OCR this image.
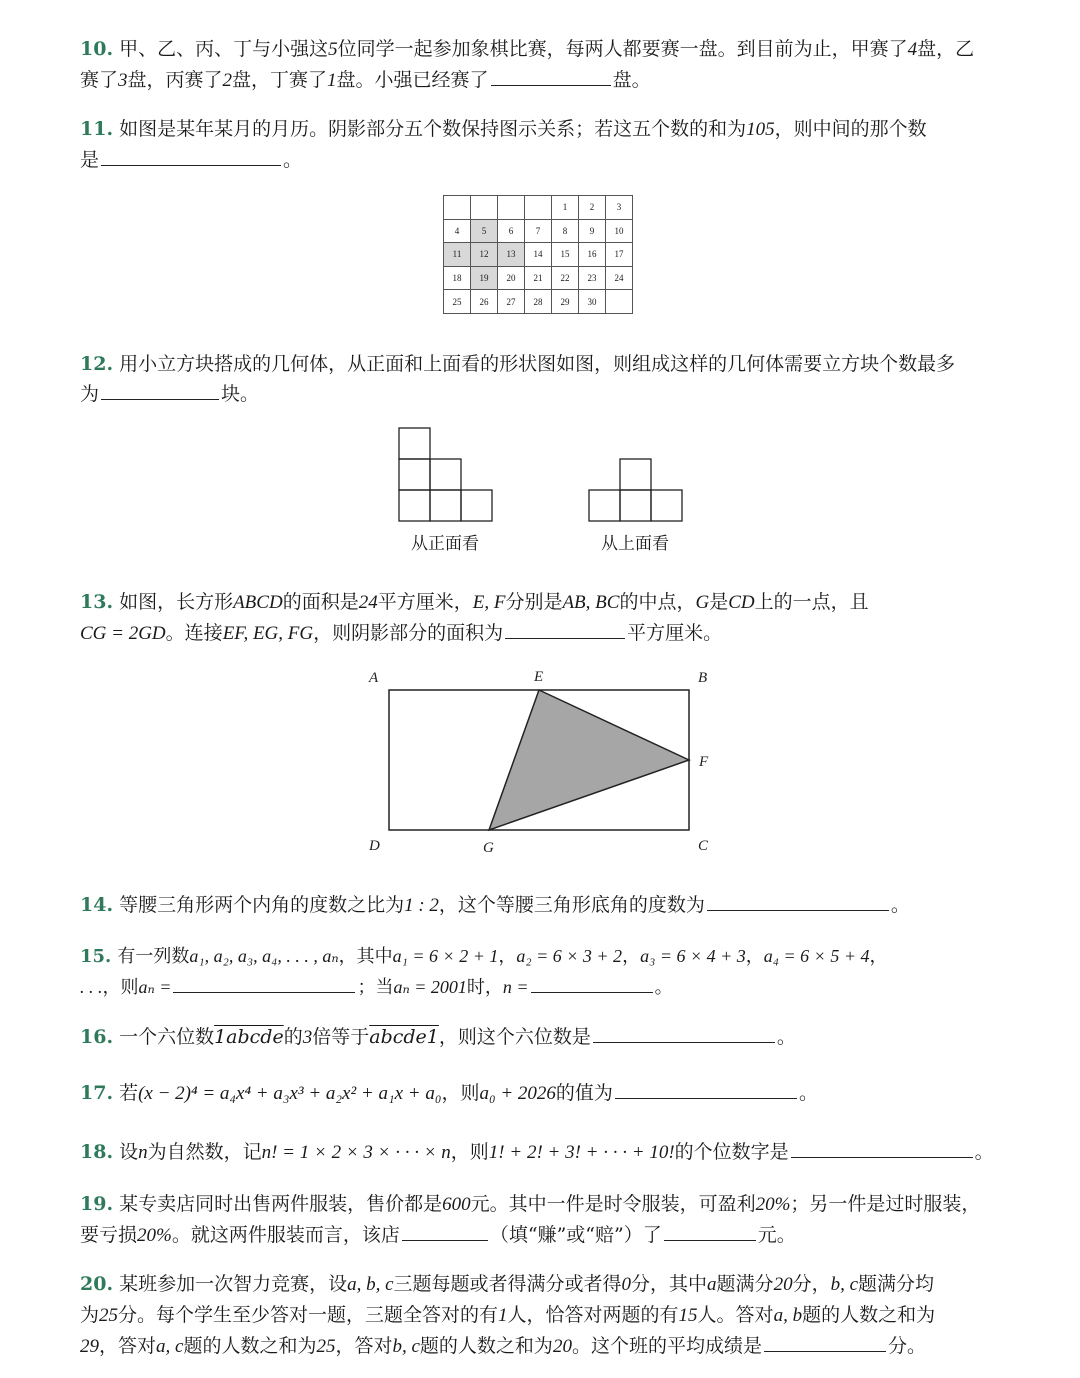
10. 甲、乙、丙、丁与小强这5位同学一起参加象棋比赛，每两人都要赛一盘。到目前为止，甲赛了4盘，乙
赛了3盘，丙赛了2盘，丁赛了1盘。小强已经赛了	盘。
11. 如图是某年某月的月历。阴影部分五个数保持图示关系；若这五个数的和为105，则中间的那个数
是	。
				1	2	3
4	5	6	7	8	9	10
11	12	13	14	15	16	17
18	19	20	21	22	23	24
25	26	27	28	29	30	
12. 用小立方块搭成的几何体，从正面和上面看的形状图如图，则组成这样的几何体需要立方块个数最多
为	块。
从正面看	从上面看
13. 如图，长方形ABCD的面积是24平方厘米，E, F分别是AB, BC的中点，G是CD上的一点，且
CG = 2GD。连接EF, EG, FG，则阴影部分的面积为	平方厘米。
A	E	B
F
D	G	C
14. 等腰三角形两个内角的度数之比为1 : 2，这个等腰三角形底角的度数为	。
15. 有一列数a₁, a₂, a₃, a₄, . . . , aₙ，其中a₁ = 6 × 2 + 1，a₂ = 6 × 3 + 2，a₃ = 6 × 4 + 3，a₄ = 6 × 5 + 4，
. . .，则aₙ =	；当aₙ = 2001时，n =	。
16. 一个六位数1abcde的3倍等于abcde1，则这个六位数是	。
17. 若(x − 2)⁴ = a₄x⁴ + a₃x³ + a₂x² + a₁x + a₀，则a₀ + 2026的值为	。
18. 设n为自然数，记n! = 1 × 2 × 3 × · · · × n，则1! + 2! + 3! + · · · + 10!的个位数字是	。
19. 某专卖店同时出售两件服装，售价都是600元。其中一件是时令服装，可盈利20%；另一件是过时服装，
要亏损20%。就这两件服装而言，该店	（填“赚”或“赔”）了	元。
20. 某班参加一次智力竞赛，设a, b, c三题每题或者得满分或者得0分，其中a题满分20分，b, c题满分均
为25分。每个学生至少答对一题，三题全答对的有1人，恰答对两题的有15人。答对a, b题的人数之和为
29，答对a, c题的人数之和为25，答对b, c题的人数之和为20。这个班的平均成绩是	分。
